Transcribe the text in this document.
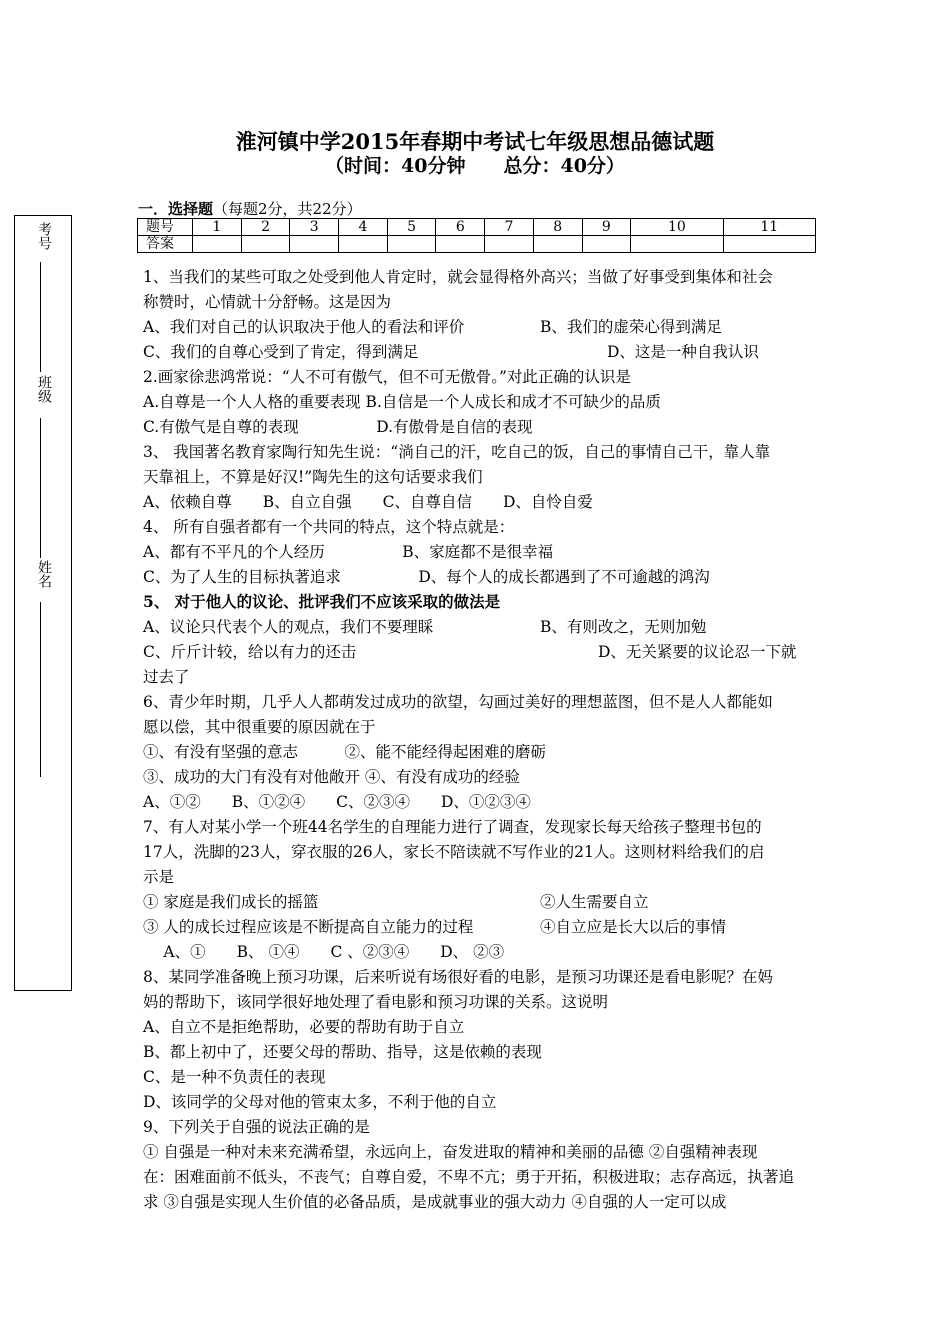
考号
班级
姓名
淮河镇中学2015年春期中考试七年级思想品德试题
（时间：40分钟　　总分：40分）
一．选择题（每题2分，共22分）
题号	1	2	3	4	5	6	7	8	9	10	11
答案											
1、当我们的某些可取之处受到他人肯定时，就会显得格外高兴；当做了好事受到集体和社会
称赞时，心情就十分舒畅。这是因为
A、我们对自己的认识取决于他人的看法和评价	B、我们的虚荣心得到满足
C、我们的自尊心受到了肯定，得到满足	D、这是一种自我认识
2.画家徐悲鸿常说：“人不可有傲气，但不可无傲骨。”对此正确的认识是
A.自尊是一个人人格的重要表现 B.自信是一个人成长和成才不可缺少的品质
C.有傲气是自尊的表现　　　　　D.有傲骨是自信的表现
3、 我国著名教育家陶行知先生说：“淌自己的汗，吃自己的饭，自己的事情自己干，靠人靠
天靠祖上，不算是好汉!”陶先生的这句话要求我们
A、依赖自尊　　B、自立自强　　C、自尊自信　　D、自怜自爱
4、 所有自强者都有一个共同的特点，这个特点就是：
A、都有不平凡的个人经历　　　　　B、家庭都不是很幸福
C、为了人生的目标执著追求　　　　　D、每个人的成长都遇到了不可逾越的鸿沟
5、 对于他人的议论、批评我们不应该采取的做法是
A、议论只代表个人的观点，我们不要理睬	B、有则改之，无则加勉
C、斤斤计较，给以有力的还击	D、无关紧要的议论忍一下就
过去了
6、青少年时期，几乎人人都萌发过成功的欲望，勾画过美好的理想蓝图，但不是人人都能如
愿以偿，其中很重要的原因就在于
①、有没有坚强的意志　　　②、能不能经得起困难的磨砺
③、成功的大门有没有对他敞开 ④、有没有成功的经验
A、①②　　B、①②④　　C、②③④　　D、①②③④
7、有人对某小学一个班44名学生的自理能力进行了调查，发现家长每天给孩子整理书包的
17人，洗脚的23人，穿衣服的26人，家长不陪读就不写作业的21人。这则材料给我们的启
示是
① 家庭是我们成长的摇篮	②人生需要自立
③ 人的成长过程应该是不断提高自立能力的过程	④自立应是长大以后的事情
　 A、①　　B、 ①④　　C 、②③④　　D、 ②③
8、某同学准备晚上预习功课，后来听说有场很好看的电影，是预习功课还是看电影呢？在妈
妈的帮助下，该同学很好地处理了看电影和预习功课的关系。这说明
A、自立不是拒绝帮助，必要的帮助有助于自立
B、都上初中了，还要父母的帮助、指导，这是依赖的表现
C、是一种不负责任的表现
D、该同学的父母对他的管束太多，不利于他的自立
9、下列关于自强的说法正确的是
① 自强是一种对未来充满希望，永远向上，奋发进取的精神和美丽的品德 ②自强精神表现
在：困难面前不低头，不丧气；自尊自爱，不卑不亢；勇于开拓，积极进取；志存高远，执著追
求 ③自强是实现人生价值的必备品质，是成就事业的强大动力 ④自强的人一定可以成
